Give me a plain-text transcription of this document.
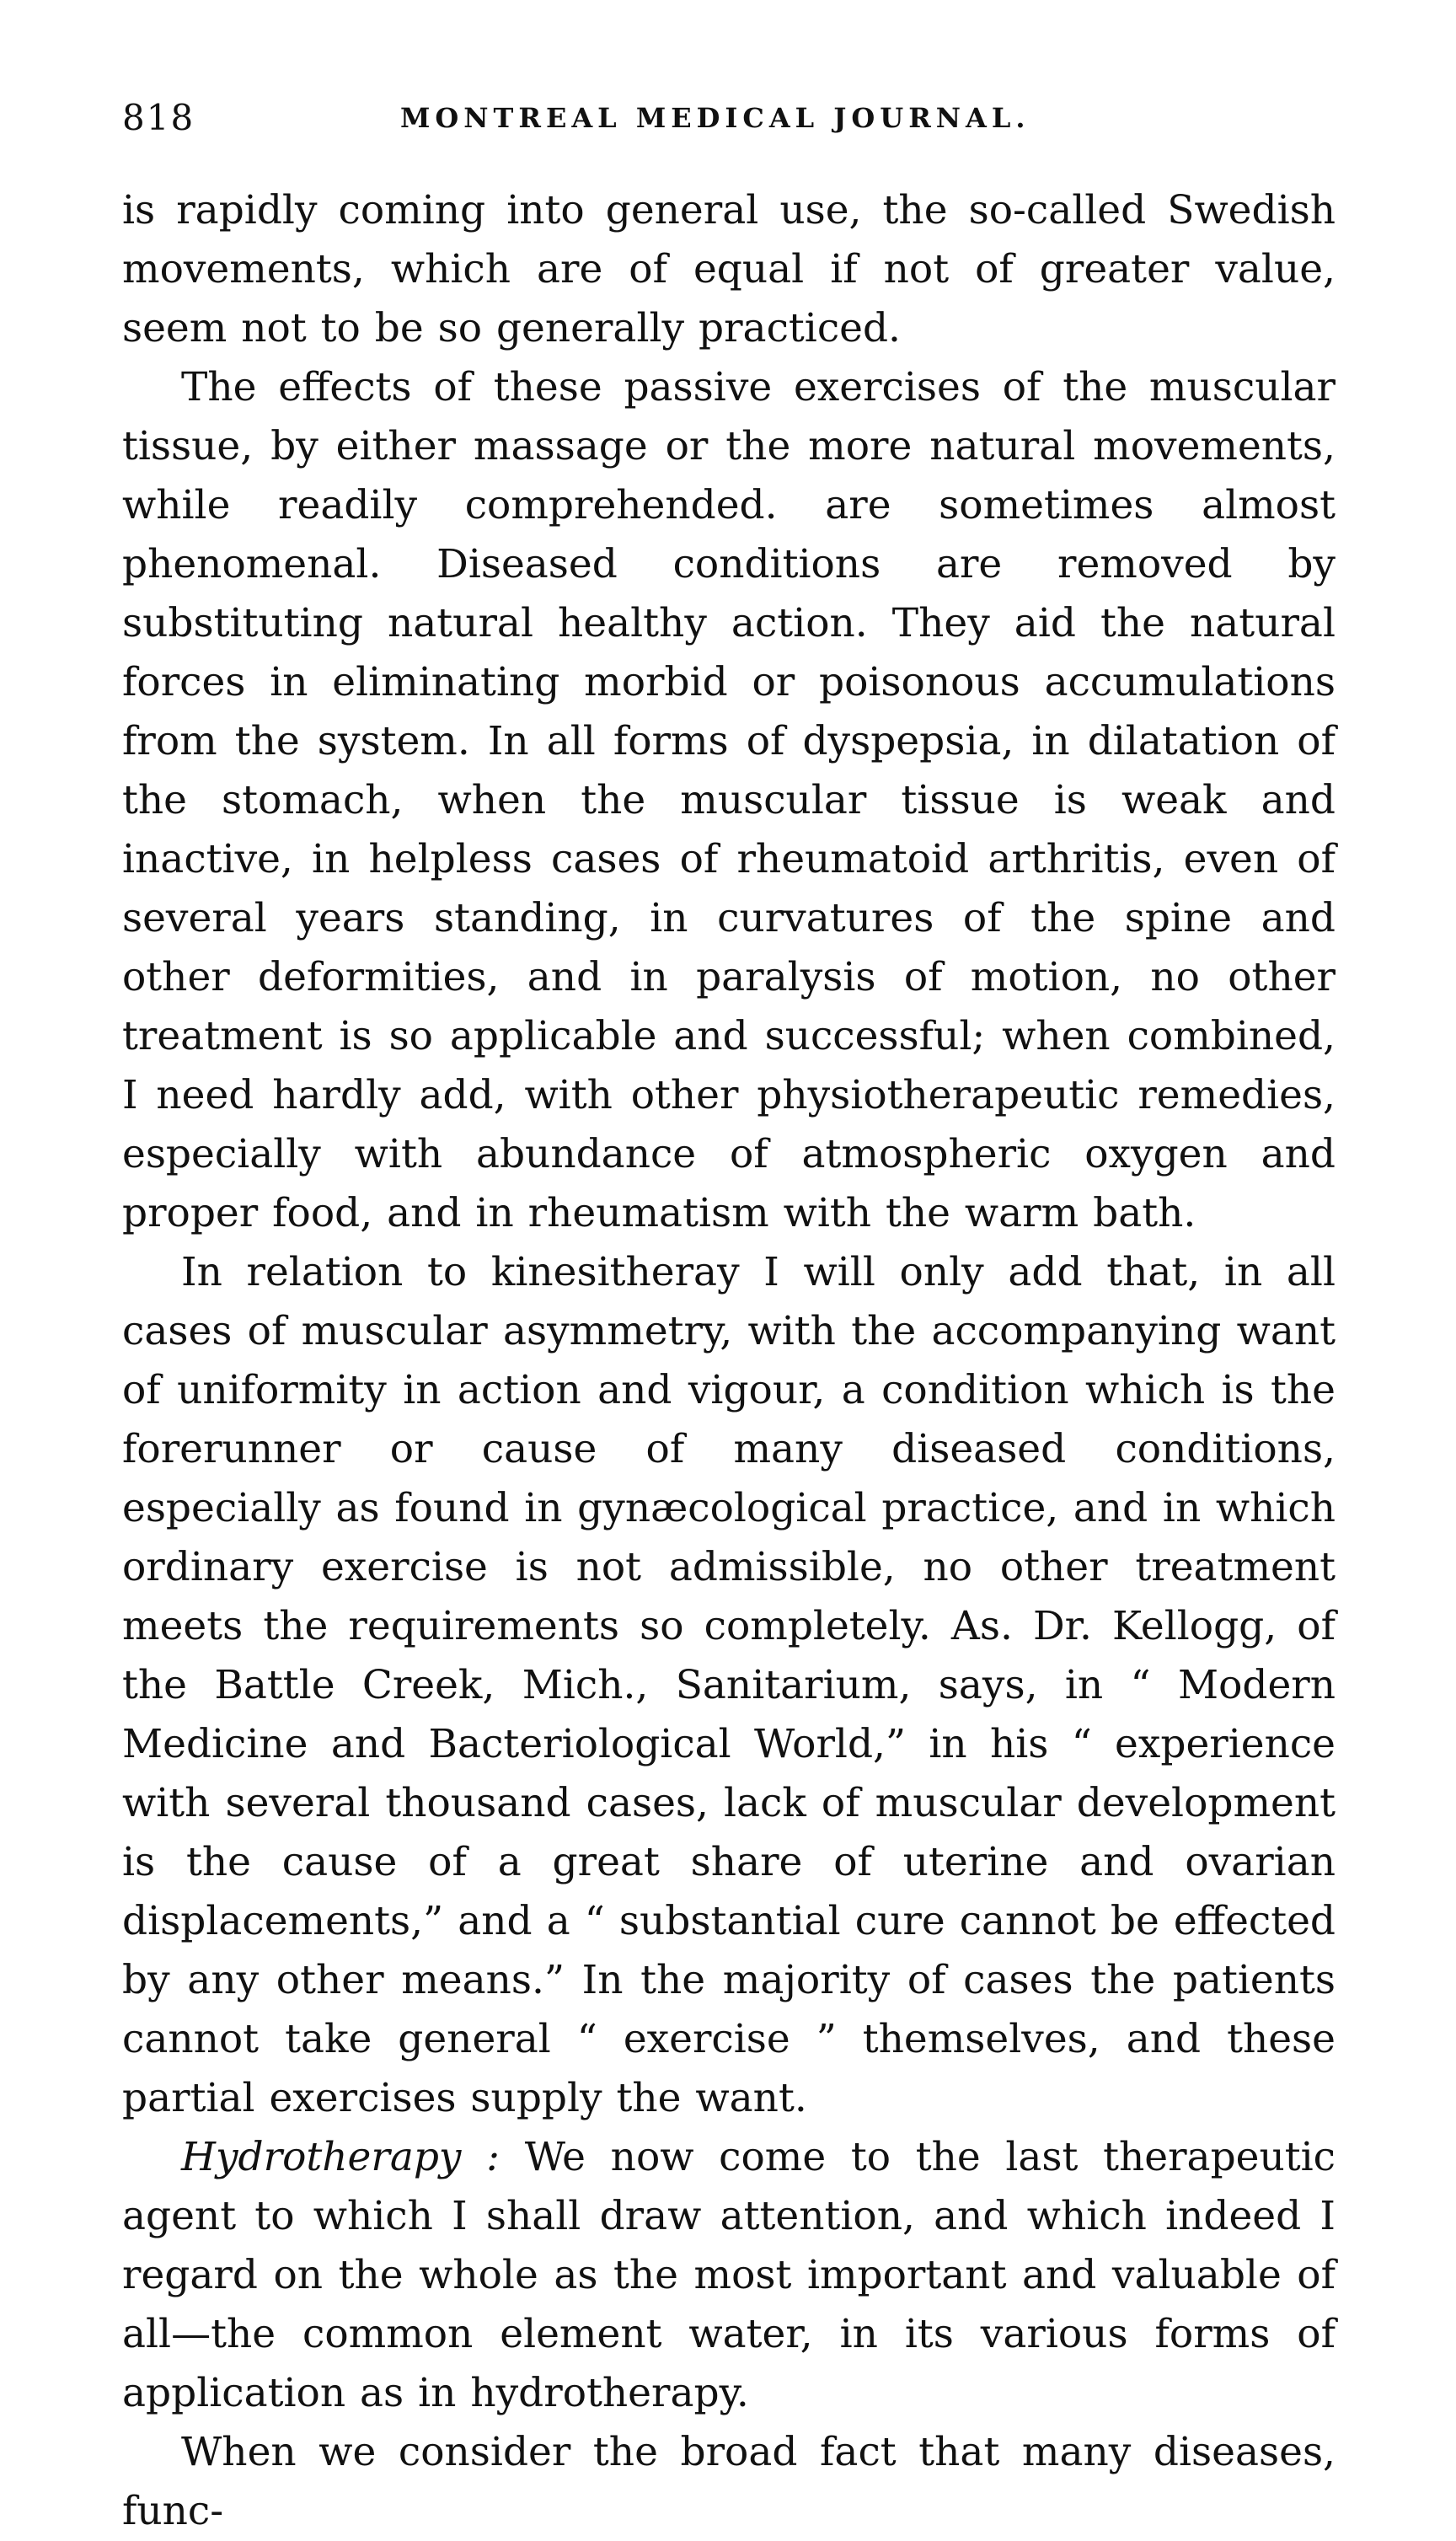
818	MONTREAL MEDICAL JOURNAL.

is rapidly coming into general use, the so-called Swedish movements, which are of equal if not of greater value, seem not to be so generally practiced.

The effects of these passive exercises of the muscular tissue, by either massage or the more natural movements, while readily comprehended. are sometimes almost phenomenal. Diseased conditions are removed by substituting natural healthy action. They aid the natural forces in eliminating morbid or poisonous accumulations from the system. In all forms of dyspepsia, in dilatation of the stomach, when the muscular tissue is weak and inactive, in helpless cases of rheumatoid arthritis, even of several years standing, in curvatures of the spine and other deformities, and in paralysis of motion, no other treatment is so applicable and successful; when combined, I need hardly add, with other physiotherapeutic remedies, especially with abundance of atmospheric oxygen and proper food, and in rheumatism with the warm bath.

In relation to kinesitheray I will only add that, in all cases of muscular asymmetry, with the accompanying want of uniformity in action and vigour, a condition which is the forerunner or cause of many diseased conditions, especially as found in gynæcological practice, and in which ordinary exercise is not admissible, no other treatment meets the requirements so completely. As. Dr. Kellogg, of the Battle Creek, Mich., Sanitarium, says, in “ Modern Medicine and Bacteriological World,” in his “ experience with several thousand cases, lack of muscular development is the cause of a great share of uterine and ovarian displacements,” and a “ substantial cure cannot be effected by any other means.” In the majority of cases the patients cannot take general “ exercise ” themselves, and these partial exercises supply the want.

Hydrotherapy : We now come to the last therapeutic agent to which I shall draw attention, and which indeed I regard on the whole as the most important and valuable of all—the common element water, in its various forms of application as in hydrotherapy.

When we consider the broad fact that many diseases, func-
